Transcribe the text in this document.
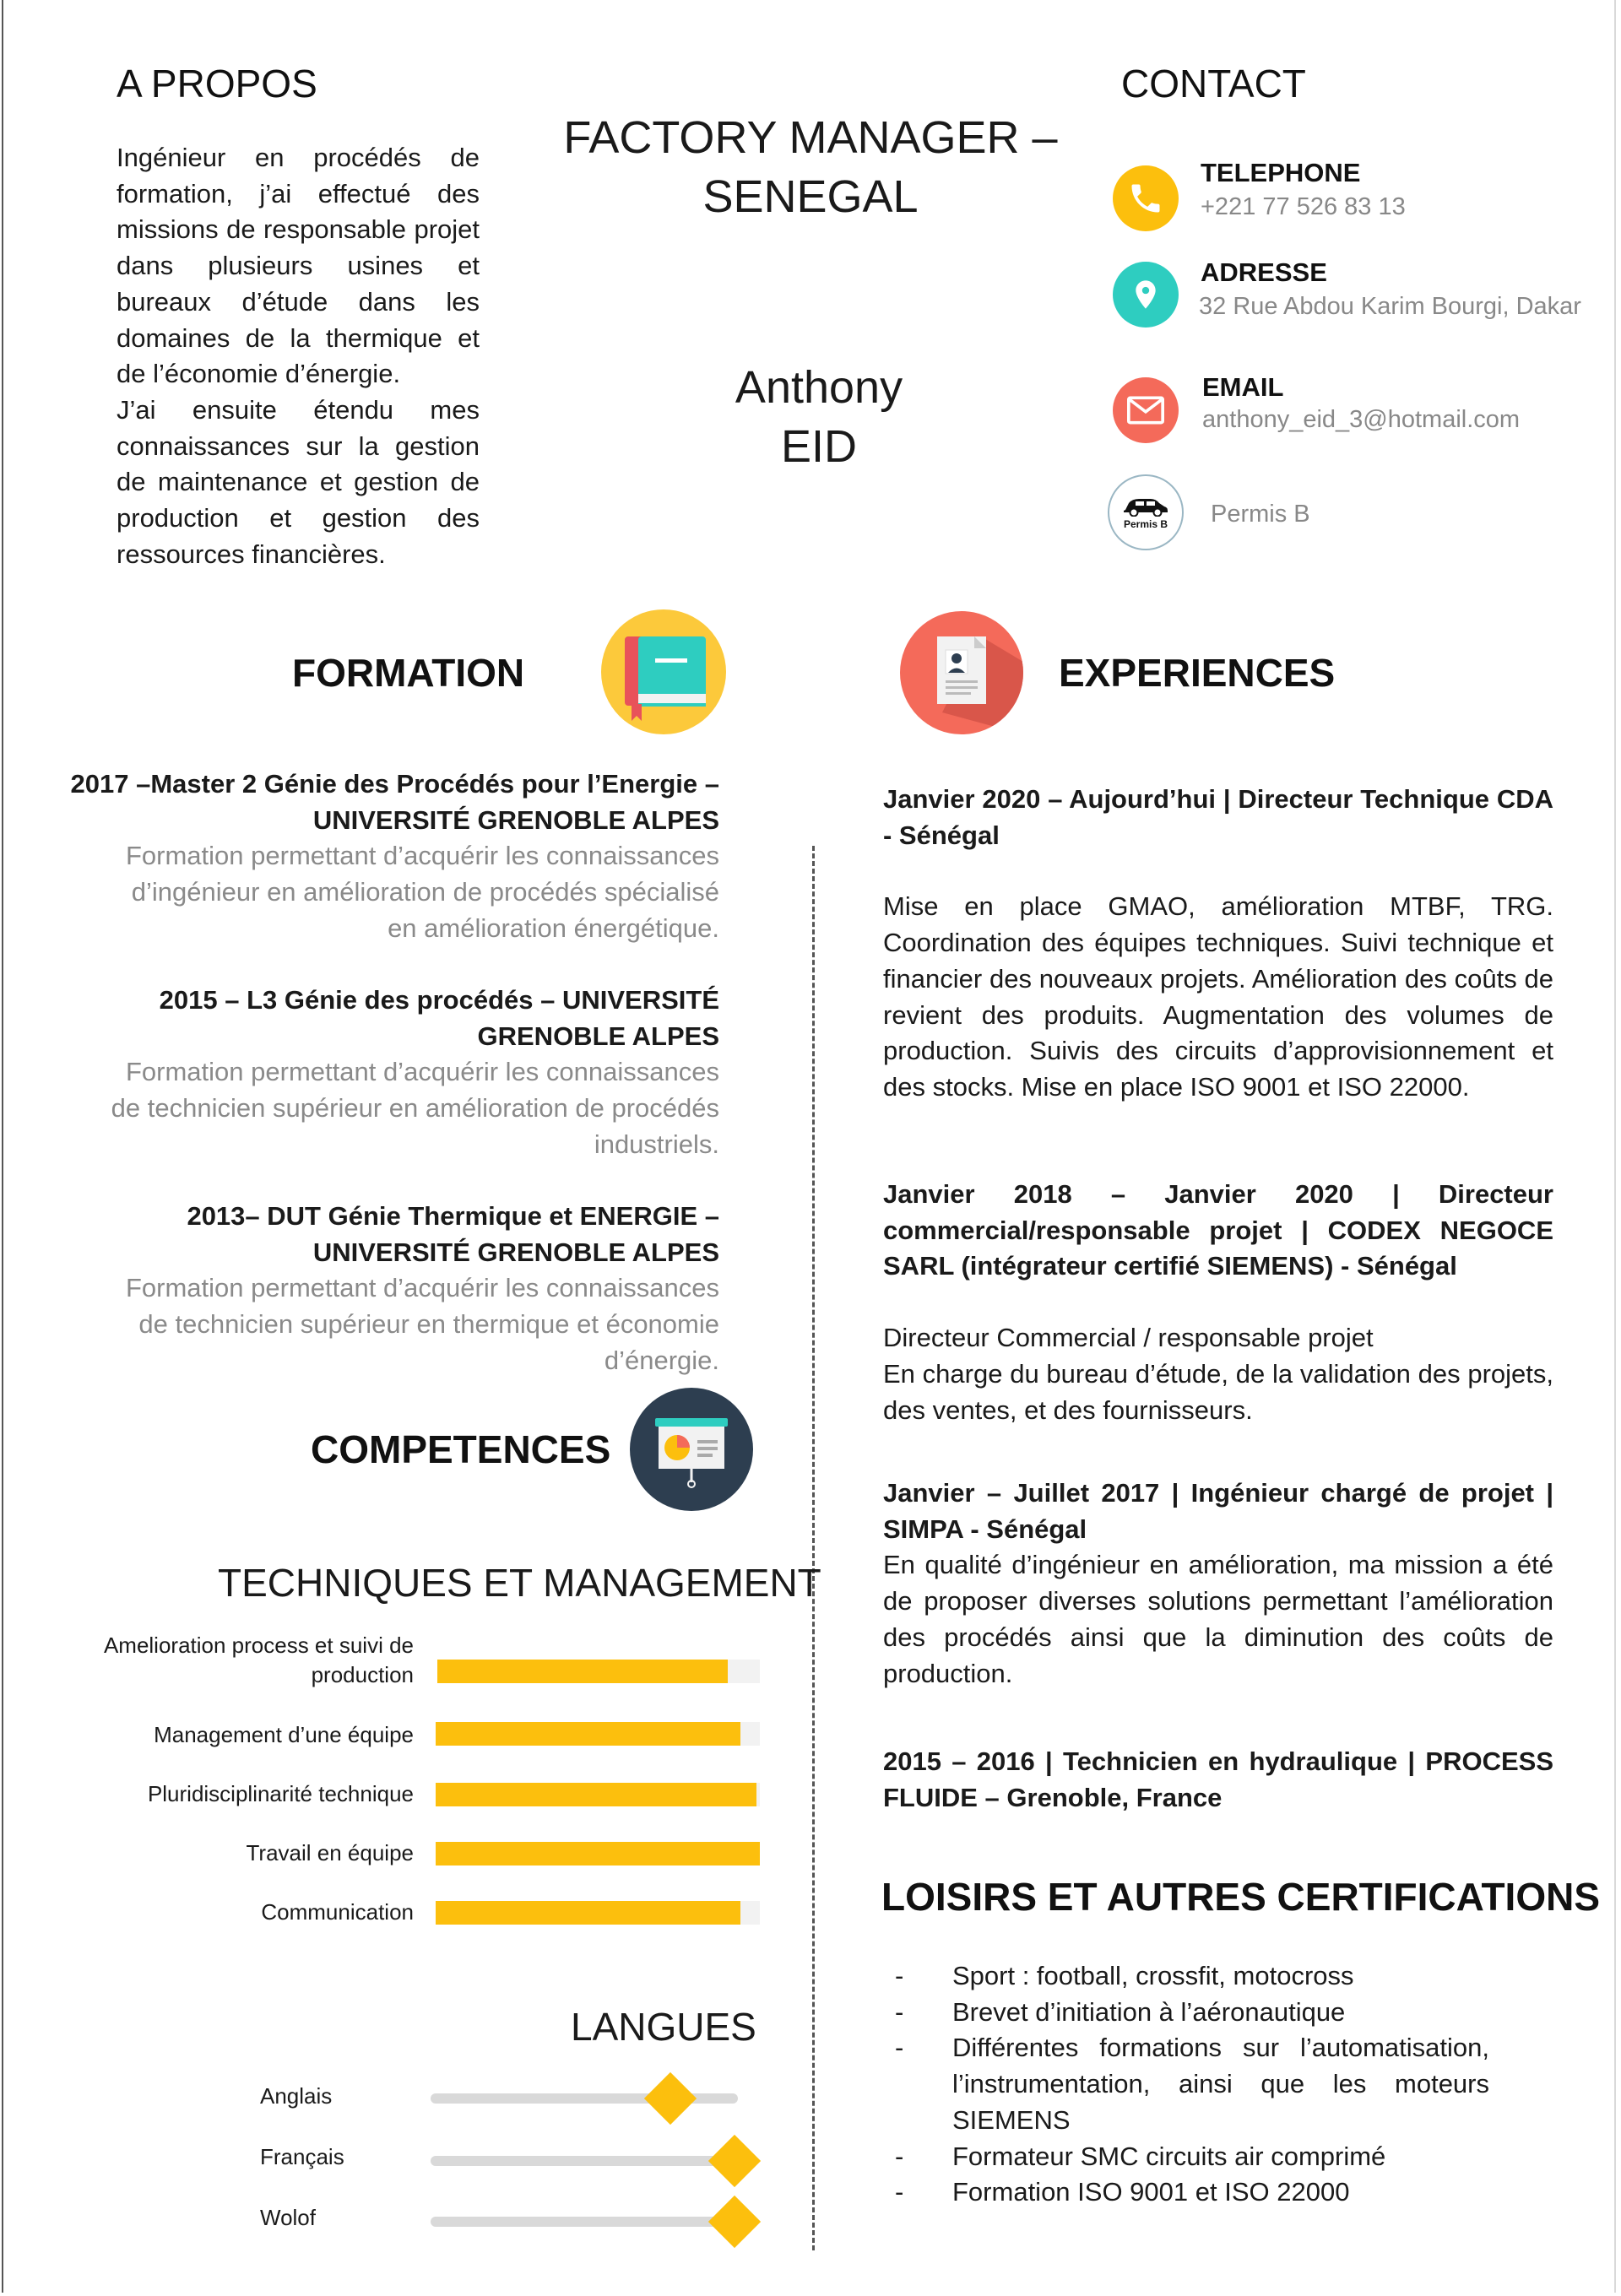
A PROPOS
Ingénieur en procédés de formation, j’ai effectué des missions de responsable projet dans plusieurs usines et bureaux d’étude dans les domaines de la thermique et de l’économie d’énergie.
J’ai ensuite étendu mes connaissances sur la gestion de maintenance et gestion de production et gestion des ressources financières.
FACTORY MANAGER –
SENEGAL
Anthony
EID
CONTACT
TELEPHONE
+221 77 526 83 13
ADRESSE
32 Rue Abdou Karim Bourgi, Dakar
EMAIL
anthony_eid_3@hotmail.com
Permis B Permis B
FORMATION
2017 –Master 2 Génie des Procédés pour l’Energie –
UNIVERSITÉ GRENOBLE ALPES
Formation permettant d’acquérir les connaissances
d’ingénieur en amélioration de procédés spécialisé
en amélioration énergétique.
2015 – L3 Génie des procédés – UNIVERSITÉ
GRENOBLE ALPES
Formation permettant d’acquérir les connaissances
de technicien supérieur en amélioration de procédés
industriels.
2013– DUT Génie Thermique et ENERGIE –
UNIVERSITÉ GRENOBLE ALPES
Formation permettant d’acquérir les connaissances
de technicien supérieur en thermique et économie
d’énergie.
COMPETENCES
TECHNIQUES ET MANAGEMENT
Amelioration process et suivi de
production
Management d’une équipe
Pluridisciplinarité technique
Travail en équipe
Communication
LANGUES
Anglais
Français
Wolof
EXPERIENCES
Janvier 2020 – Aujourd’hui | Directeur Technique CDA - Sénégal
Mise en place GMAO, amélioration MTBF, TRG. Coordination des équipes techniques. Suivi technique et financier des nouveaux projets. Amélioration des coûts de revient des produits. Augmentation des volumes de production. Suivis des circuits d’approvisionnement et des stocks. Mise en place ISO 9001 et ISO 22000.
Janvier 2018 – Janvier 2020 | Directeur commercial/responsable projet | CODEX NEGOCE SARL (intégrateur certifié SIEMENS) - Sénégal
Directeur Commercial / responsable projet
En charge du bureau d’étude, de la validation des projets, des ventes, et des fournisseurs.
Janvier – Juillet 2017 | Ingénieur chargé de projet | SIMPA - Sénégal
En qualité d’ingénieur en amélioration, ma mission a été de proposer diverses solutions permettant l’amélioration des procédés ainsi que la diminution des coûts de production.
2015 – 2016 | Technicien en hydraulique | PROCESS FLUIDE – Grenoble, France
LOISIRS ET AUTRES CERTIFICATIONS
-	Sport : football, crossfit, motocross
-	Brevet d’initiation à l’aéronautique
-	Différentes formations sur l’automatisation, l’instrumentation, ainsi que les moteurs SIEMENS
-	Formateur SMC circuits air comprimé
-	Formation ISO 9001 et ISO 22000
